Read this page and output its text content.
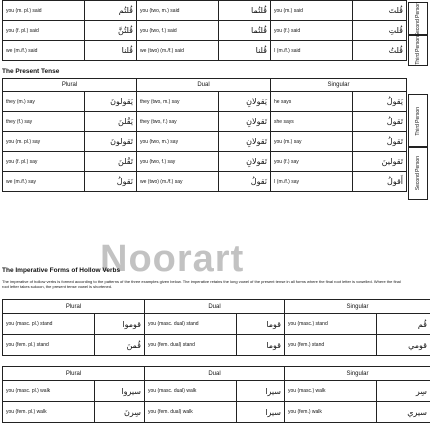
you (m. pl.) said	قُلتُم	you (two, m.) said	قُلتُما	you (m.) said	قُلتَ
you (f. pl.) said	قُلتُنَّ	you (two, f.) said	قُلتُما	you (f.) said	قُلتِ
we (m./f.) said	قُلنا	we (two) (m./f.) said	قُلنا	I (m./f.) said	قُلتُ
Second Person
Third Person
The Present Tense
Plural		Dual		Singular	
they (m.) say	يَقولونَ	they (two, m.) say	يَقولانِ	he says	يَقولُ
they (f.) say	يَقُلنَ	they (two, f.) say	تَقولانِ	she says	تَقولُ
you (m. pl.) say	تَقولونَ	you (two, m.) say	تَقولانِ	you (m.) say	تَقولُ
you (f. pl.) say	تَقُلنَ	you (two, f.) say	تَقولانِ	you (f.) say	تَقولينَ
we (m./f.) say	نَقولُ	we (two) (m./f.) say	نَقولُ	I (m./f.) say	أَقولُ
Third Person
Second Person
Noorart
The Imperative Forms of Hollow Verbs
The imperative of hollow verbs is formed according to the patterns of the three examples given below. The imperative retains the long vowel of the present tense in all forms where the final root letter is vowelled. Where the final root letter takes sukoon, the present tense vowel is shortened.
Plural		Dual		Singular	
you (masc. pl.) stand	قوموا	you (masc. dual) stand	قوما	you (masc.) stand	قُم
you (fem. pl.) stand	قُمنَ	you (fem. dual) stand	قوما	you (fem.) stand	قومي
Plural		Dual		Singular	
you (masc. pl.) walk	سيروا	you (masc. dual) walk	سيرا	you (masc.) walk	سِر
you (fem. pl.) walk	سِرنَ	you (fem. dual) walk	سيرا	you (fem.) walk	سيري
